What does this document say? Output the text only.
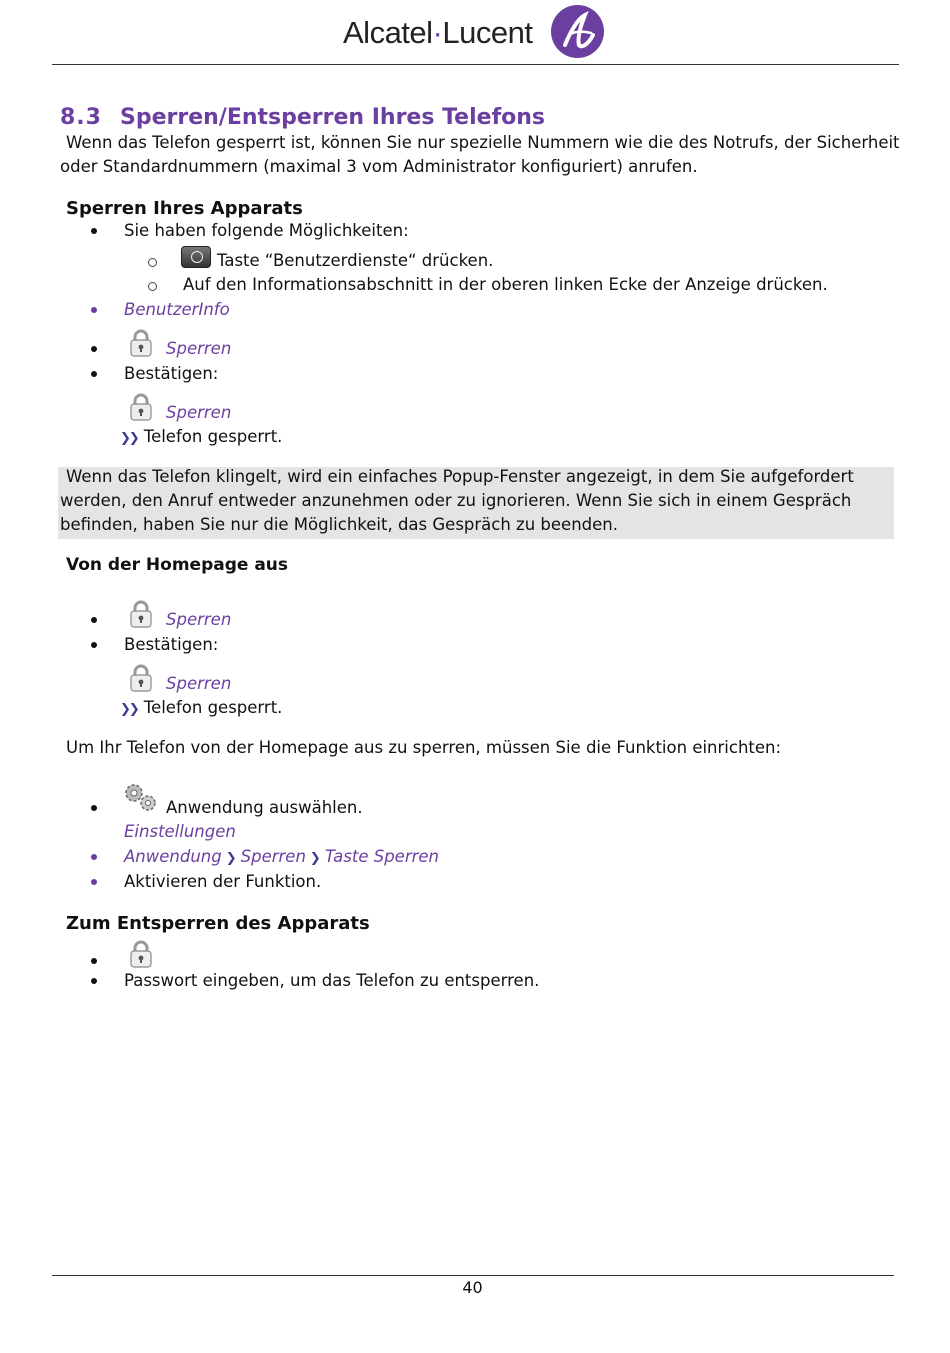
Alcatel·Lucent
8.3 Sperren/Entsperren Ihres Telefons
Wenn das Telefon gesperrt ist, können Sie nur spezielle Nummern wie die des Notrufs, der Sicherheit
oder Standardnummern (maximal 3 vom Administrator konfiguriert) anrufen.
Sperren Ihres Apparats
Sie haben folgende Möglichkeiten:
Taste “Benutzerdienste“ drücken.
Auf den Informationsabschnitt in der oberen linken Ecke der Anzeige drücken.
BenutzerInfo
Sperren
Bestätigen:
Sperren
❯❯ Telefon gesperrt.
Wenn das Telefon klingelt, wird ein einfaches Popup-Fenster angezeigt, in dem Sie aufgefordert
werden, den Anruf entweder anzunehmen oder zu ignorieren. Wenn Sie sich in einem Gespräch
befinden, haben Sie nur die Möglichkeit, das Gespräch zu beenden.
Von der Homepage aus
Sperren
Bestätigen:
Sperren
❯❯ Telefon gesperrt.
Um Ihr Telefon von der Homepage aus zu sperren, müssen Sie die Funktion einrichten:
Anwendung auswählen.
Einstellungen
Anwendung ❯ Sperren ❯ Taste Sperren
Aktivieren der Funktion.
Zum Entsperren des Apparats
Passwort eingeben, um das Telefon zu entsperren.
40
